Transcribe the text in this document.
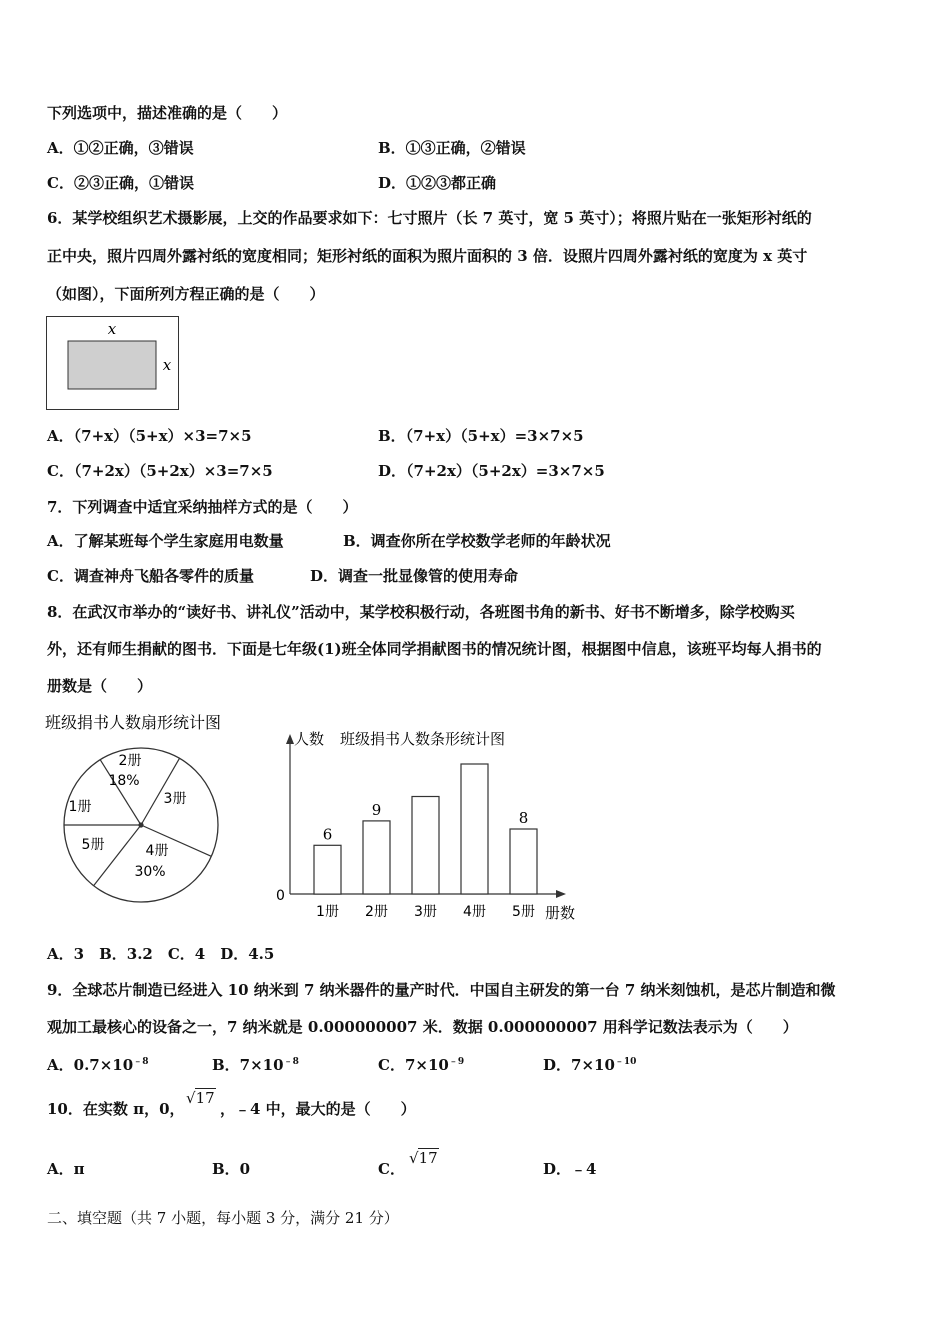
下列选项中，描述准确的是（　　）
A．①②正确，③错误	B．①③正确，②错误
C．②③正确，①错误	D．①②③都正确
6．某学校组织艺术摄影展，上交的作品要求如下：七寸照片（长 7 英寸，宽 5 英寸）；将照片贴在一张矩形衬纸的
正中央，照片四周外露衬纸的宽度相同；矩形衬纸的面积为照片面积的 3 倍．设照片四周外露衬纸的宽度为 x 英寸
（如图），下面所列方程正确的是（　　）
x
x
A．（7+x）（5+x）×3=7×5	B．（7+x）（5+x）=3×7×5
C．（7+2x）（5+2x）×3=7×5	D．（7+2x）（5+2x）=3×7×5
7．下列调查中适宜采纳抽样方式的是（　　）
A．了解某班每个学生家庭用电数量	B．调查你所在学校数学老师的年龄状况
C．调查神舟飞船各零件的质量	D．调查一批显像管的使用寿命
8．在武汉市举办的“读好书、讲礼仪”活动中，某学校积极行动，各班图书角的新书、好书不断增多，除学校购买
外，还有师生捐献的图书．下面是七年级(1)班全体同学捐献图书的情况统计图，根据图中信息，该班平均每人捐书的
册数是（　　）
班级捐书人数扇形统计图
2册
18%
3册
1册
5册	4册
30%
人数 班级捐书人数条形统计图
0
册数
6
1册
9
2册 3册 4册
8
5册
A．3　B．3.2　C．4　D．4.5
9．全球芯片制造已经进入 10 纳米到 7 纳米器件的量产时代．中国自主研发的第一台 7 纳米刻蚀机，是芯片制造和微
观加工最核心的设备之一，7 纳米就是 0.000000007 米．数据 0.000000007 用科学记数法表示为（　　）
A．$0.7\times 10^{﹣8}$	B．$7\times 10^{﹣8}$	C．$7\times 10^{﹣9}$	D．$7\times 10^{﹣10}$
10．在实数 π，0，
√17
，﹣4 中，最大的是（　　）
A．π	B．0	C．
√17
D．﹣4
二、填空题（共 7 小题，每小题 3 分，满分 21 分）
